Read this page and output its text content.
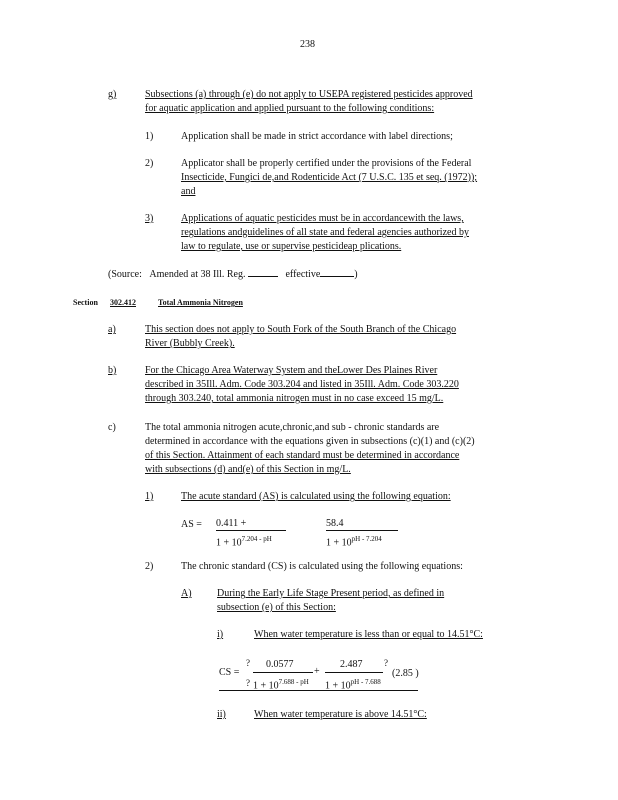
238
g)	Subsections (a) through (e) do not apply to USEPA registered pesticides approved
for aquatic application and applied pursuant to the following conditions:
1)	Application shall be made in strict accordance with label directions;
2)	Applicator shall be properly certified under the provisions of the Federal
Insecticide, Fungici de,and Rodenticide Act (7 U.S.C. 135 et seq. (1972));
and
3)	Applications of aquatic pesticides must be in accordancewith the laws,
regulations andguidelines of all state and federal agencies authorized by
law to regulate, use or supervise pesticideap plications.
(Source: Amended at 38 Ill. Reg.	effective	)
Section 302.412	Total Ammonia Nitrogen
a)	This section does not apply to South Fork of the South Branch of the Chicago
River (Bubbly Creek).
b)	For the Chicago Area Waterway System and theLower Des Plaines River
described in 35Ill. Adm. Code 303.204 and listed in 35Ill. Adm. Code 303.220
through 303.240, total ammonia nitrogen must in no case exceed 15 mg/L.
c)	The total ammonia nitrogen acute,chronic,and sub - chronic standards are
determined in accordance with the equations given in subsections (c)(1) and (c)(2)
of this Section. Attainment of each standard must be determined in accordance
with subsections (d) and(e) of this Section in mg/L.
1)	The acute standard (AS) is calculated using the following equation:
AS = 0.411 +
$1 + 10^{7.204 - pH}$
58.4
$1 + 10^{pH - 7.204}$
2)	The chronic standard (CS) is calculated using the following equations:
A)	During the Early Life Stage Present period, as defined in
subsection (e) of this Section:
i)	When water temperature is less than or equal to 14.51°C:
CS =
?
?
0.0577
$1 + 10^{7.688 - pH}$
+
2.487
$1 + 10^{pH - 7.688}$
?
(2.85 )
ii)	When water temperature is above 14.51°C:
